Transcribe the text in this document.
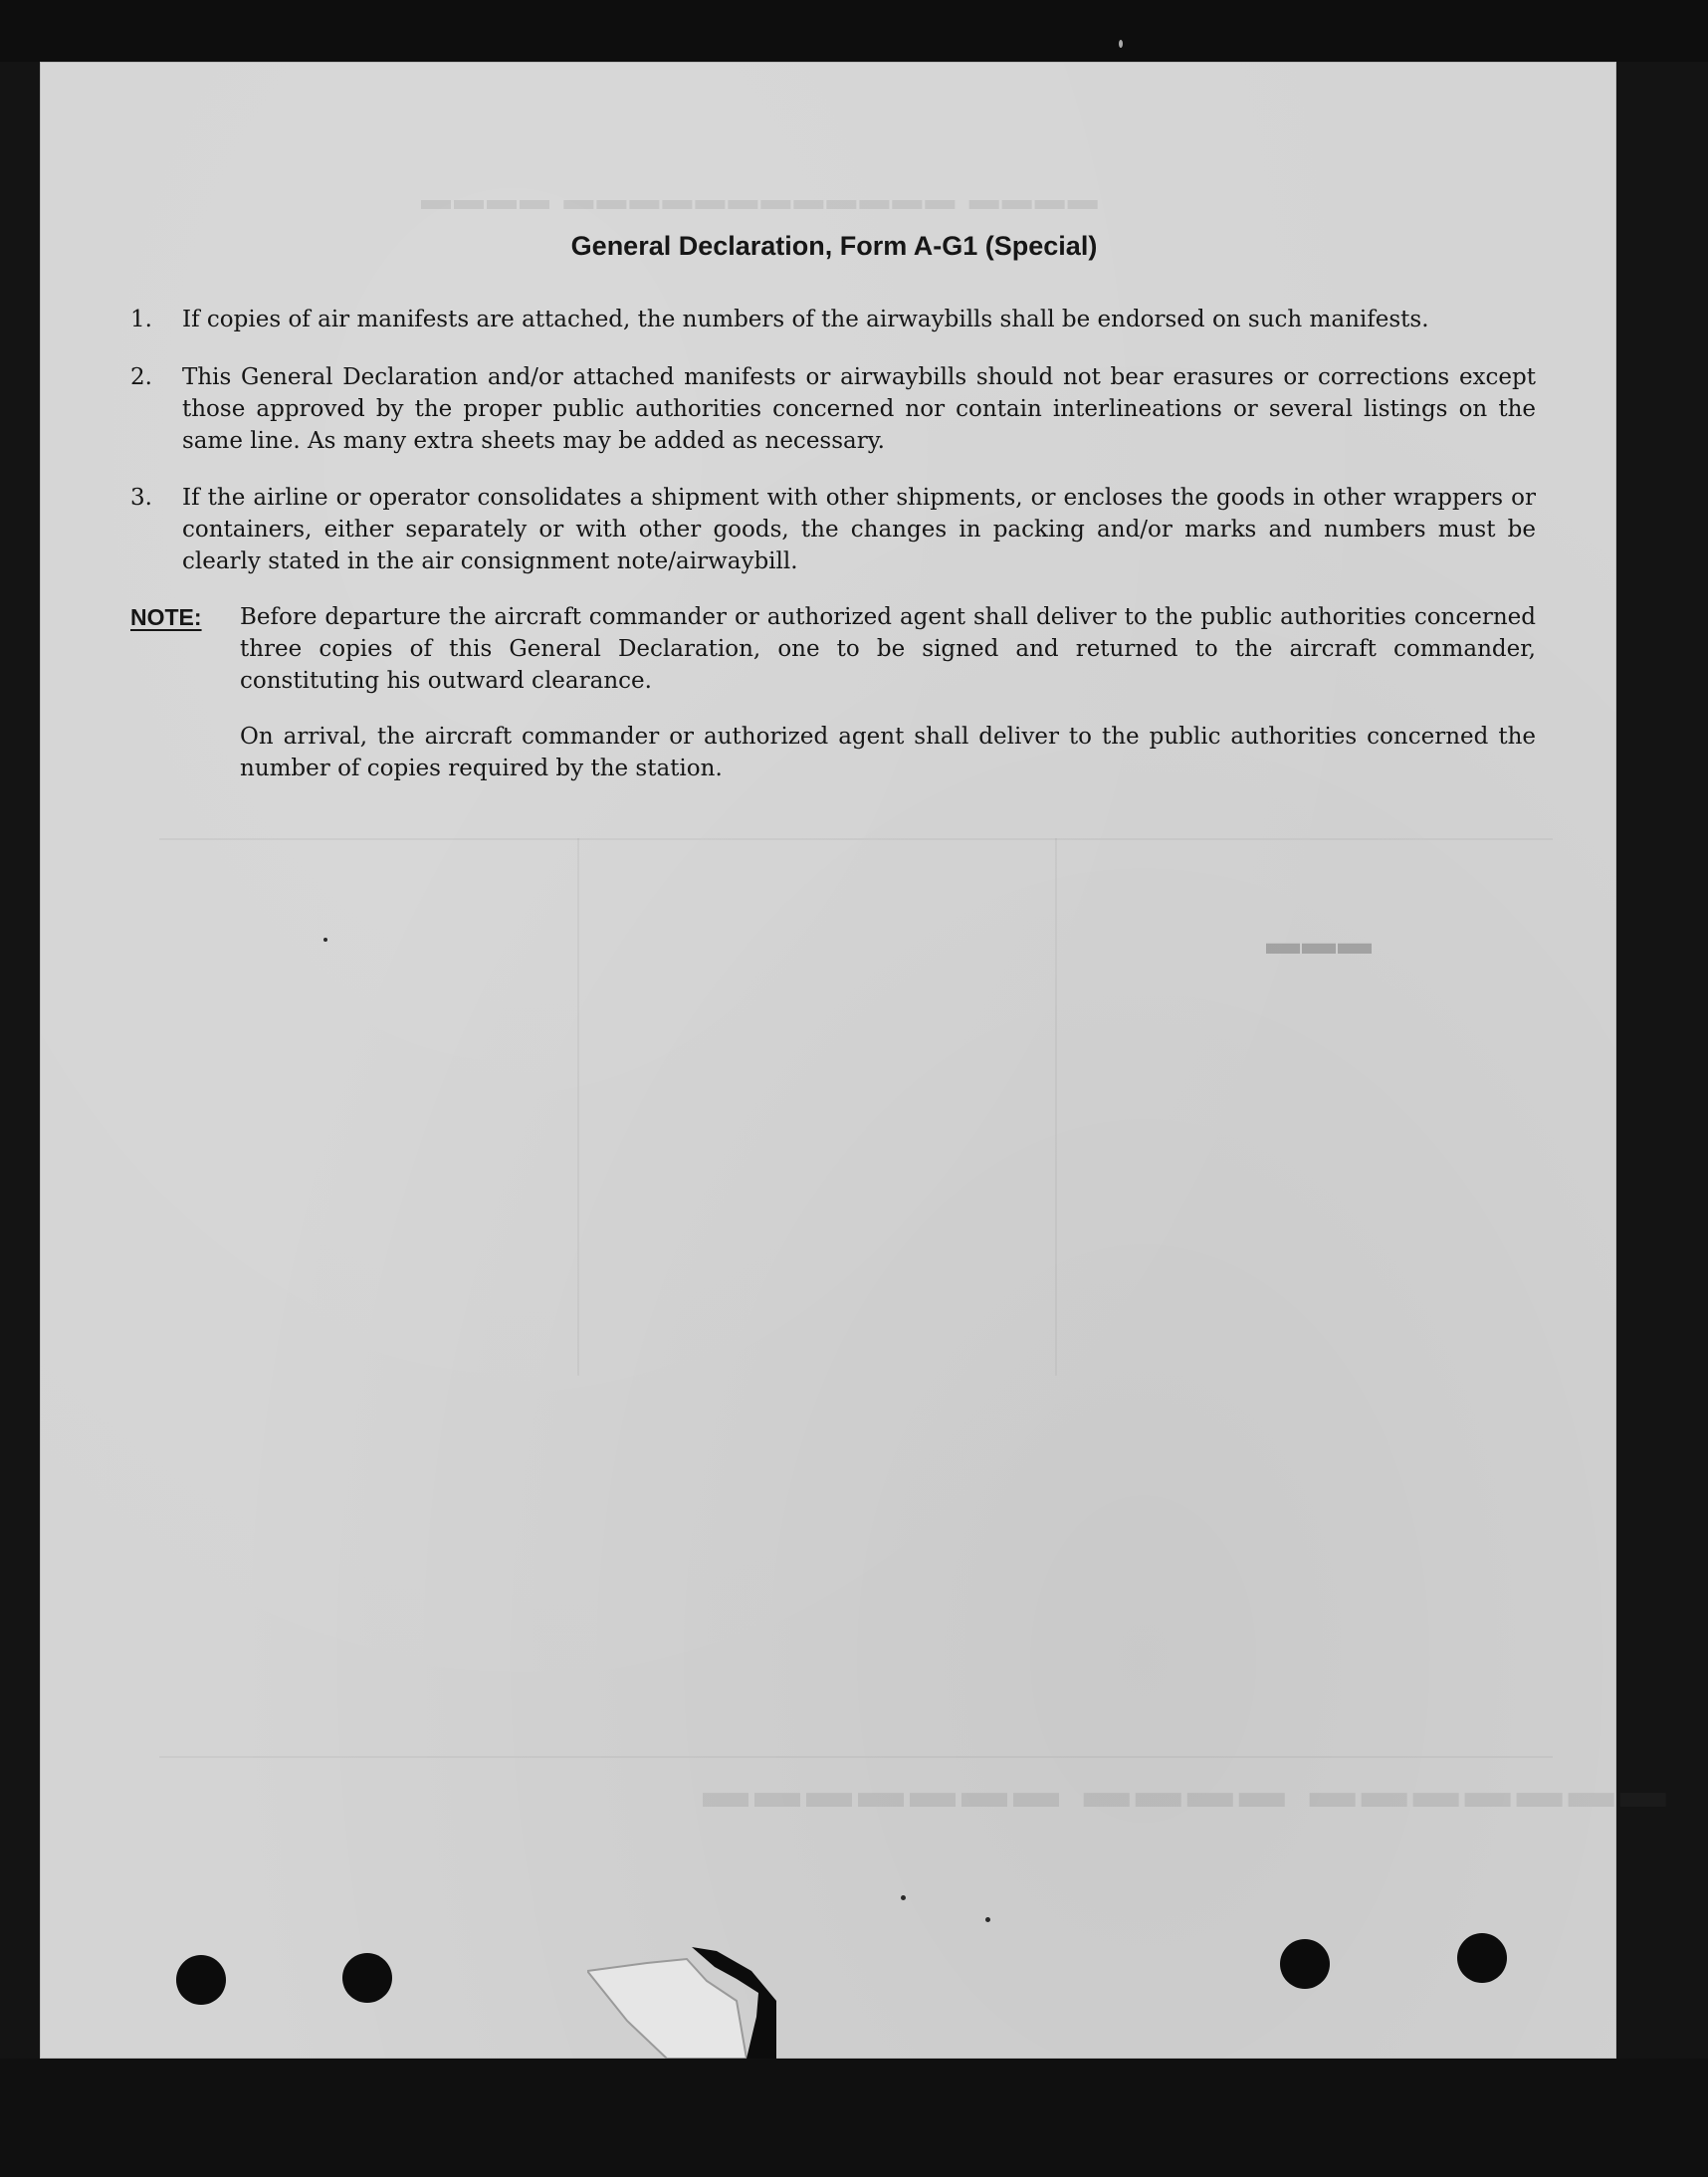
▬▬▬▬ ▬▬▬▬▬▬▬▬▬▬▬▬ ▬▬▬▬
▬▬▬▬▬▬▬ ▬▬▬▬ ▬▬▬▬▬▬▬
▬▬▬
General Declaration, Form A-G1 (Special)
1.	If copies of air manifests are attached, the numbers of the airwaybills shall be endorsed on such manifests.
2.	This General Declaration and/or attached manifests or airwaybills should not bear erasures or corrections except those approved by the proper public authorities concerned nor contain interlineations or several listings on the same line. As many extra sheets may be added as necessary.
3.	If the airline or operator consolidates a shipment with other shipments, or encloses the goods in other wrappers or containers, either separately or with other goods, the changes in packing and/or marks and numbers must be clearly stated in the air consignment note/airwaybill.
NOTE: Before departure the aircraft commander or authorized agent shall deliver to the public authorities concerned three copies of this General Declaration, one to be signed and returned to the aircraft commander, constituting his outward clearance.
On arrival, the aircraft commander or authorized agent shall deliver to the public authorities concerned the number of copies required by the station.
